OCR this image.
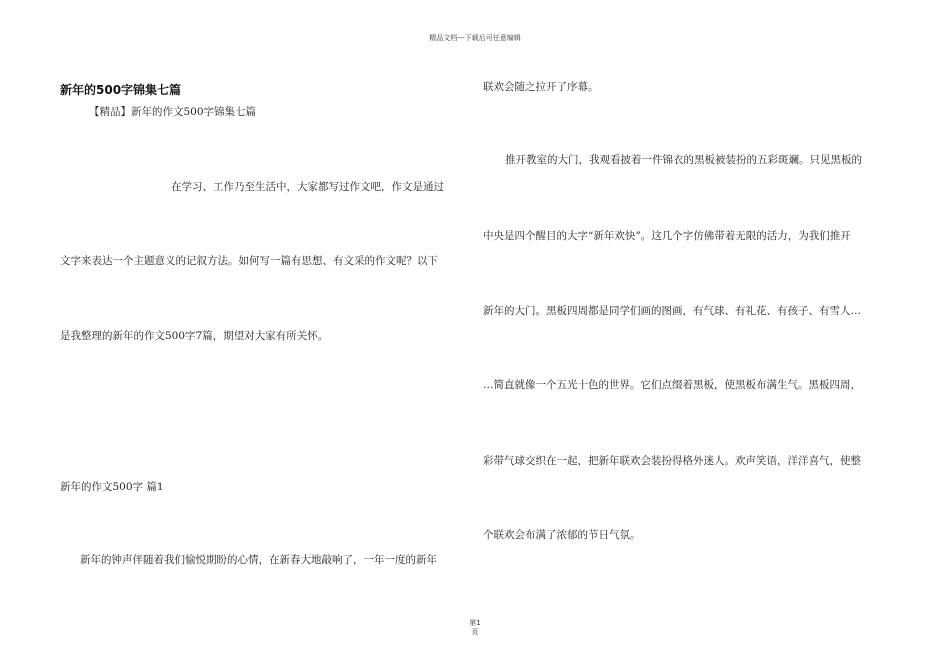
精品文档---下载后可任意编辑
新年的500字锦集七篇
【精品】新年的作文500字锦集七篇
在学习、工作乃至生活中，大家都写过作文吧，作文是通过
文字来表达一个主题意义的记叙方法。如何写一篇有思想、有文采的作文呢？以下
是我整理的新年的作文500字7篇，期望对大家有所关怀。
新年的作文500字 篇1
新年的钟声伴随着我们愉悦期盼的心情，在新春大地敲响了，一年一度的新年
联欢会随之拉开了序幕。
推开教室的大门，我观看披着一件锦衣的黑板被装扮的五彩斑斓。只见黑板的
中央是四个醒目的大字“新年欢快”。这几个字仿佛带着无限的活力，为我们推开
新年的大门。黑板四周都是同学们画的图画，有气球、有礼花、有孩子、有雪人…
…简直就像一个五光十色的世界。它们点缀着黑板，使黑板布满生气。黑板四周，
彩带气球交织在一起，把新年联欢会装扮得格外迷人。欢声笑语，洋洋喜气，使整
个联欢会布满了浓郁的节日气氛。
第1
页
